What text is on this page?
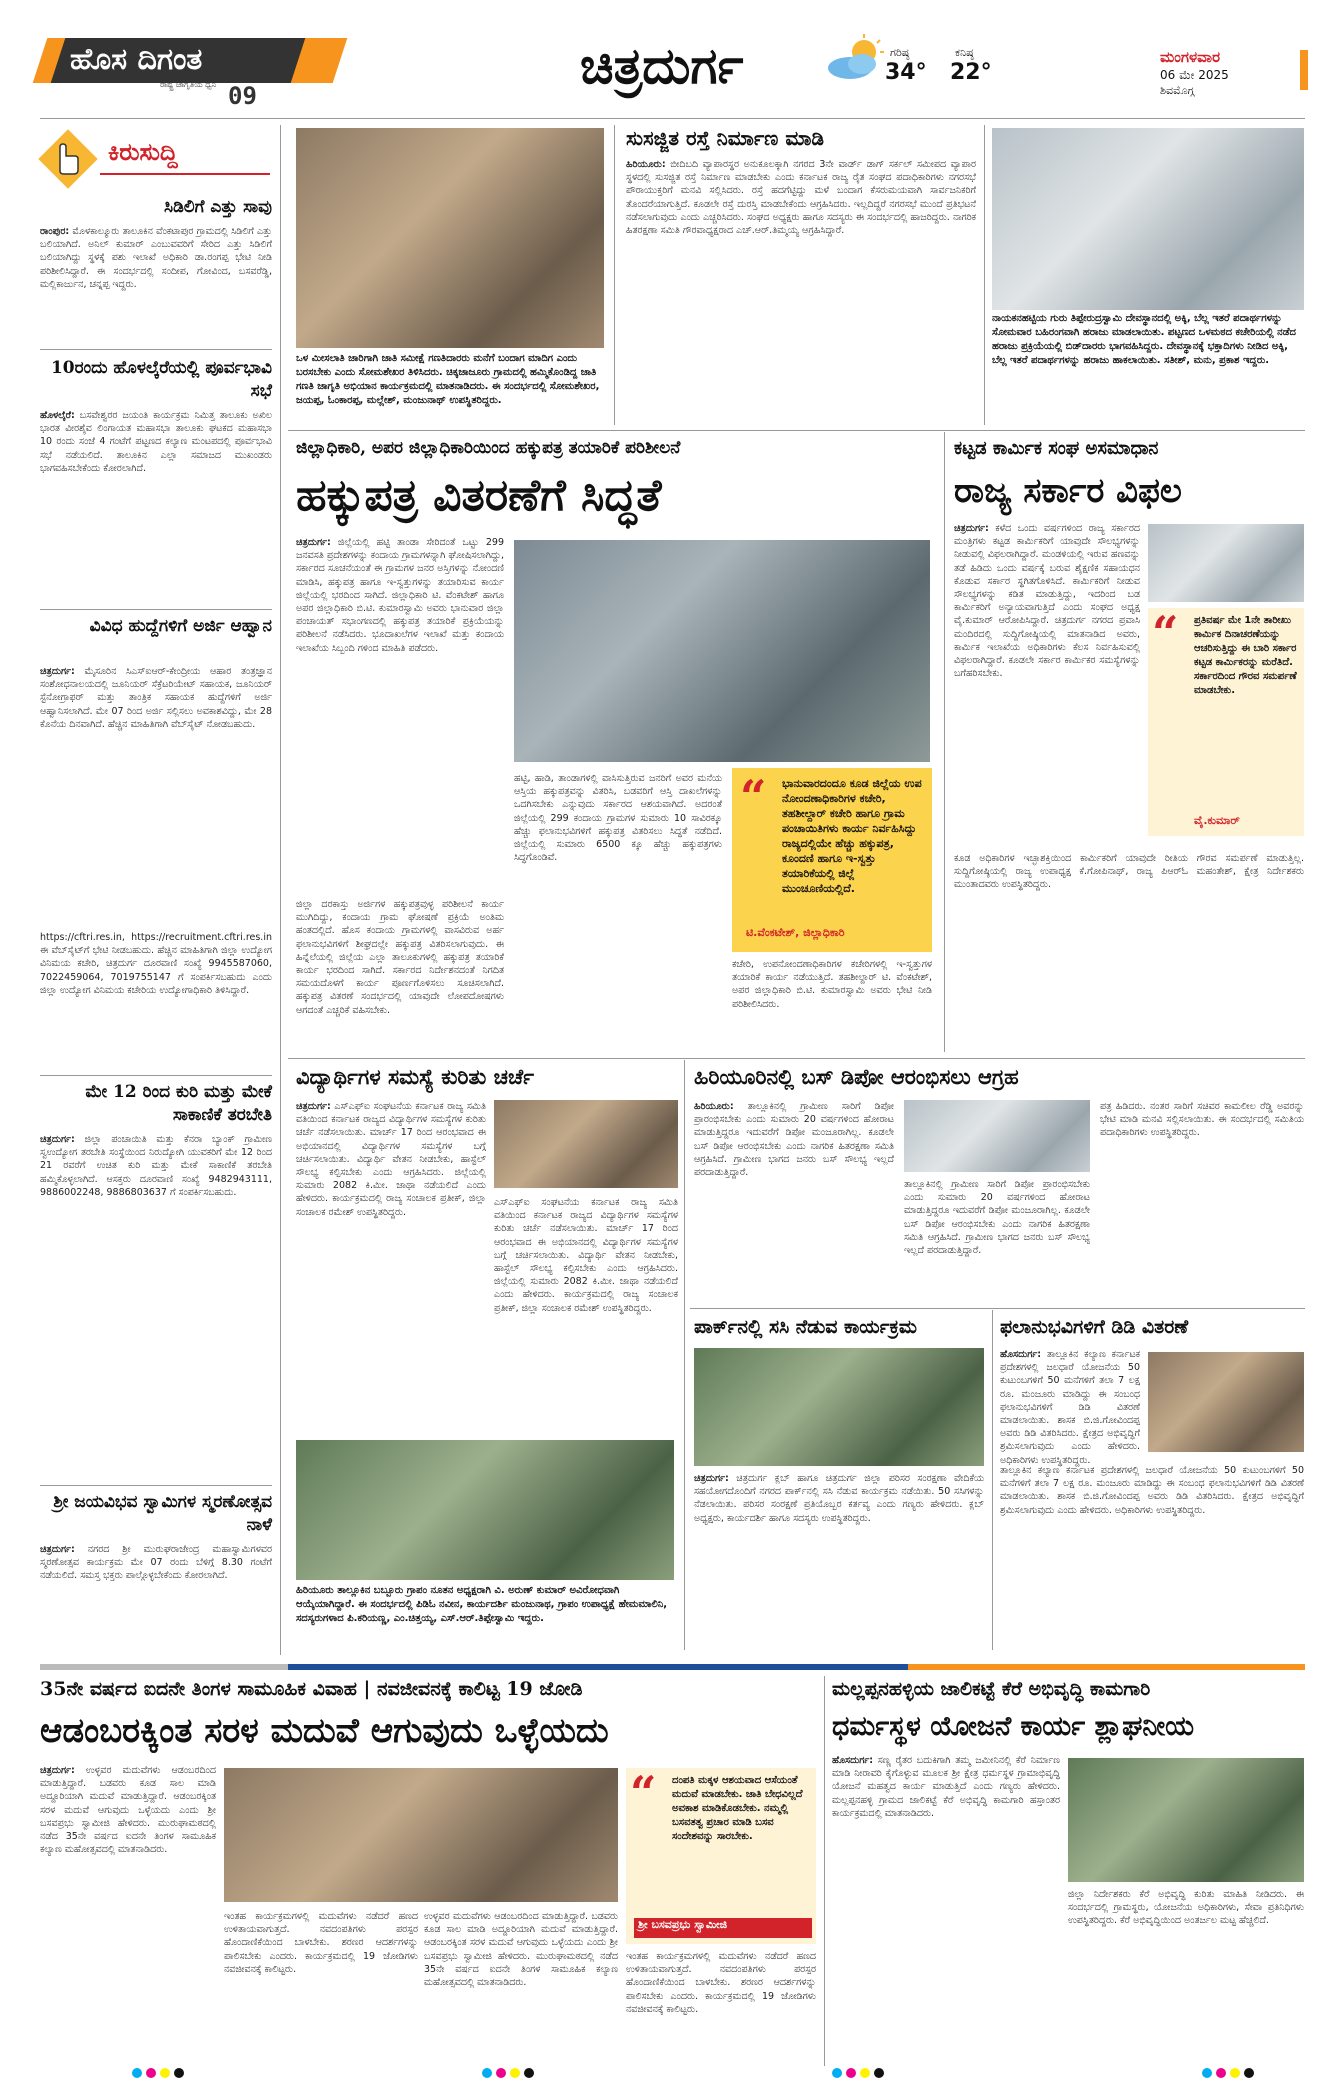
ಹೊಸ ದಿಗಂತ
ರಾಷ್ಟ್ರ ಜಾಗೃತಿಯ ಧ್ವನಿ 09
ಚಿತ್ರದುರ್ಗ	ಗರಿಷ್ಠ
34°
ಕನಿಷ್ಠ
22°
ಮಂಗಳವಾರ
06 ಮೇ 2025
ಶಿವಮೊಗ್ಗ
ಕಿರುಸುದ್ದಿ
ಸಿಡಿಲಿಗೆ ಎತ್ತು ಸಾವು
ರಾಂಪುರ: ಮೊಳಕಾಲ್ಮೂರು ತಾಲೂಕಿನ ವೆಂಕಟಾಪುರ ಗ್ರಾಮದಲ್ಲಿ ಸಿಡಿಲಿಗೆ ಎತ್ತು ಬಲಿಯಾಗಿದೆ. ಅನಿಲ್ ಕುಮಾರ್ ಎಂಬುವವರಿಗೆ ಸೇರಿದ ಎತ್ತು ಸಿಡಿಲಿಗೆ ಬಲಿಯಾಗಿದ್ದು ಸ್ಥಳಕ್ಕೆ ಪಶು ಇಲಾಖೆ ಅಧಿಕಾರಿ ಡಾ.ರಂಗಪ್ಪ ಭೇಟಿ ನೀಡಿ ಪರಿಶೀಲಿಸಿದ್ದಾರೆ. ಈ ಸಂದರ್ಭದಲ್ಲಿ ಸಂದೀಪ, ಗೋವಿಂದ, ಬಸವರೆಡ್ಡಿ, ಮಲ್ಲಿಕಾರ್ಜುನ, ಚನ್ನಪ್ಪ ಇದ್ದರು.
10ರಂದು ಹೊಳಲ್ಕೆರೆಯಲ್ಲಿ ಪೂರ್ವಭಾವಿ ಸಭೆ
ಹೊಳಲ್ಕೆರೆ: ಬಸವೇಶ್ವರರ ಜಯಂತಿ ಕಾರ್ಯಕ್ರಮ ನಿಮಿತ್ತ ತಾಲೂಕು ಅಖಿಲ ಭಾರತ ವೀರಶೈವ ಲಿಂಗಾಯತ ಮಹಾಸಭಾ ತಾಲೂಕು ಘಟಕದ ಮಹಾಸಭಾ 10 ರಂದು ಸಂಜೆ 4 ಗಂಟೆಗೆ ಪಟ್ಟಣದ ಕಲ್ಯಾಣ ಮಂಟಪದಲ್ಲಿ ಪೂರ್ವಭಾವಿ ಸಭೆ ನಡೆಯಲಿದೆ. ತಾಲೂಕಿನ ಎಲ್ಲಾ ಸಮಾಜದ ಮುಖಂಡರು ಭಾಗವಹಿಸಬೇಕೆಂದು ಕೋರಲಾಗಿದೆ.
ವಿವಿಧ ಹುದ್ದೆಗಳಿಗೆ ಅರ್ಜಿ ಆಹ್ವಾನ
ಚಿತ್ರದುರ್ಗ: ಮೈಸೂರಿನ ಸಿಎಸ್‌ಐಆರ್-ಕೇಂದ್ರೀಯ ಆಹಾರ ತಂತ್ರಜ್ಞಾನ ಸಂಶೋಧನಾಲಯದಲ್ಲಿ ಜೂನಿಯರ್ ಸೆಕ್ರೆಟರಿಯೇಟ್ ಸಹಾಯಕ, ಜೂನಿಯರ್ ಸ್ಟೆನೋಗ್ರಾಫರ್ ಮತ್ತು ತಾಂತ್ರಿಕ ಸಹಾಯಕ ಹುದ್ದೆಗಳಿಗೆ ಅರ್ಜಿ ಆಹ್ವಾನಿಸಲಾಗಿದೆ. ಮೇ 07 ರಿಂದ ಅರ್ಜಿ ಸಲ್ಲಿಸಲು ಅವಕಾಶವಿದ್ದು, ಮೇ 28 ಕೊನೆಯ ದಿನವಾಗಿದೆ. ಹೆಚ್ಚಿನ ಮಾಹಿತಿಗಾಗಿ ವೆಬ್‌ಸೈಟ್ ನೋಡಬಹುದು.
https://cftri.res.in, https://recruitment.cftri.res.in ಈ ವೆಬ್‌ಸೈಟ್‌ಗೆ ಭೇಟಿ ನೀಡಬಹುದು. ಹೆಚ್ಚಿನ ಮಾಹಿತಿಗಾಗಿ ಜಿಲ್ಲಾ ಉದ್ಯೋಗ ವಿನಿಮಯ ಕಚೇರಿ, ಚಿತ್ರದುರ್ಗ ದೂರವಾಣಿ ಸಂಖ್ಯೆ 9945587060, 7022459064, 7019755147 ಗೆ ಸಂಪರ್ಕಿಸಬಹುದು ಎಂದು ಜಿಲ್ಲಾ ಉದ್ಯೋಗ ವಿನಿಮಯ ಕಚೇರಿಯ ಉದ್ಯೋಗಾಧಿಕಾರಿ ತಿಳಿಸಿದ್ದಾರೆ.
ಮೇ 12 ರಿಂದ ಕುರಿ ಮತ್ತು ಮೇಕೆ ಸಾಕಾಣಿಕೆ ತರಬೇತಿ
ಚಿತ್ರದುರ್ಗ: ಜಿಲ್ಲಾ ಪಂಚಾಯಿತಿ ಮತ್ತು ಕೆನರಾ ಬ್ಯಾಂಕ್ ಗ್ರಾಮೀಣ ಸ್ವಉದ್ಯೋಗ ತರಬೇತಿ ಸಂಸ್ಥೆಯಿಂದ ನಿರುದ್ಯೋಗಿ ಯುವಕರಿಗೆ ಮೇ 12 ರಿಂದ 21 ರವರೆಗೆ ಉಚಿತ ಕುರಿ ಮತ್ತು ಮೇಕೆ ಸಾಕಾಣಿಕೆ ತರಬೇತಿ ಹಮ್ಮಿಕೊಳ್ಳಲಾಗಿದೆ. ಆಸಕ್ತರು ದೂರವಾಣಿ ಸಂಖ್ಯೆ 9482943111, 9886002248, 9886803637 ಗೆ ಸಂಪರ್ಕಿಸಬಹುದು.
ಶ್ರೀ ಜಯವಿಭವ ಸ್ವಾಮಿಗಳ ಸ್ಮರಣೋತ್ಸವ ನಾಳೆ
ಚಿತ್ರದುರ್ಗ: ನಗರದ ಶ್ರೀ ಮುರುಘರಾಜೇಂದ್ರ ಮಹಾಸ್ವಾಮಿಗಳವರ ಸ್ಮರಣೋತ್ಸವ ಕಾರ್ಯಕ್ರಮ ಮೇ 07 ರಂದು ಬೆಳಿಗ್ಗೆ 8.30 ಗಂಟೆಗೆ ನಡೆಯಲಿದೆ. ಸಮಸ್ತ ಭಕ್ತರು ಪಾಲ್ಗೊಳ್ಳಬೇಕೆಂದು ಕೋರಲಾಗಿದೆ.
ಒಳ ಮೀಸಲಾತಿ ಜಾರಿಗಾಗಿ ಜಾತಿ ಸಮೀಕ್ಷೆ ಗಣತಿದಾರರು ಮನೆಗೆ ಬಂದಾಗ ಮಾದಿಗ ಎಂದು ಬರಸಬೇಕು ಎಂದು ಸೋಮಶೇಖರ ತಿಳಿಸಿದರು. ಚಿಕ್ಕಜಾಜೂರು ಗ್ರಾಮದಲ್ಲಿ ಹಮ್ಮಿಕೊಂಡಿದ್ದ ಜಾತಿ ಗಣತಿ ಜಾಗೃತಿ ಅಭಿಯಾನ ಕಾರ್ಯಕ್ರಮದಲ್ಲಿ ಮಾತನಾಡಿದರು. ಈ ಸಂದರ್ಭದಲ್ಲಿ ಸೋಮಶೇಖರ, ಜಯಪ್ಪ, ಓಂಕಾರಪ್ಪ, ಮಲ್ಲೇಶ್, ಮಂಜುನಾಥ್ ಉಪಸ್ಥಿತರಿದ್ದರು.
ಸುಸಜ್ಜಿತ ರಸ್ತೆ ನಿರ್ಮಾಣ ಮಾಡಿ
ಹಿರಿಯೂರು: ಬೀದಿಬದಿ ವ್ಯಾಪಾರಸ್ಥರ ಅನುಕೂಲಕ್ಕಾಗಿ ನಗರದ 3ನೇ ವಾರ್ಡ್ ಡಾಗ್ ಸರ್ಕಲ್ ಸಮೀಪದ ವ್ಯಾಪಾರ ಸ್ಥಳದಲ್ಲಿ ಸುಸಜ್ಜಿತ ರಸ್ತೆ ನಿರ್ಮಾಣ ಮಾಡಬೇಕು ಎಂದು ಕರ್ನಾಟಕ ರಾಜ್ಯ ರೈತ ಸಂಘದ ಪದಾಧಿಕಾರಿಗಳು ನಗರಸಭೆ ಪೌರಾಯುಕ್ತರಿಗೆ ಮನವಿ ಸಲ್ಲಿಸಿದರು. ರಸ್ತೆ ಹದಗೆಟ್ಟಿದ್ದು ಮಳೆ ಬಂದಾಗ ಕೆಸರುಮಯವಾಗಿ ಸಾರ್ವಜನಿಕರಿಗೆ ತೊಂದರೆಯಾಗುತ್ತಿದೆ. ಕೂಡಲೇ ರಸ್ತೆ ದುರಸ್ತಿ ಮಾಡಬೇಕೆಂದು ಆಗ್ರಹಿಸಿದರು. ಇಲ್ಲದಿದ್ದರೆ ನಗರಸಭೆ ಮುಂದೆ ಪ್ರತಿಭಟನೆ ನಡೆಸಲಾಗುವುದು ಎಂದು ಎಚ್ಚರಿಸಿದರು. ಸಂಘದ ಅಧ್ಯಕ್ಷರು ಹಾಗೂ ಸದಸ್ಯರು ಈ ಸಂದರ್ಭದಲ್ಲಿ ಹಾಜರಿದ್ದರು. ನಾಗರಿಕ ಹಿತರಕ್ಷಣಾ ಸಮಿತಿ ಗೌರವಾಧ್ಯಕ್ಷರಾದ ಎಚ್.ಆರ್.ತಿಮ್ಮಯ್ಯ ಆಗ್ರಹಿಸಿದ್ದಾರೆ.
ನಾಯಕನಹಟ್ಟಿಯ ಗುರು ತಿಪ್ಪೇರುದ್ರಸ್ವಾಮಿ ದೇವಸ್ಥಾನದಲ್ಲಿ ಅಕ್ಕಿ, ಬೆಲ್ಲ ಇತರೆ ಪದಾರ್ಥಗಳನ್ನು ಸೋಮವಾರ ಬಹಿರಂಗವಾಗಿ ಹರಾಜು ಮಾಡಲಾಯಿತು. ಪಟ್ಟಣದ ಒಳಮಠದ ಕಚೇರಿಯಲ್ಲಿ ನಡೆದ ಹರಾಜು ಪ್ರಕ್ರಿಯೆಯಲ್ಲಿ ಬಿಡ್‌ದಾರರು ಭಾಗವಹಿಸಿದ್ದರು. ದೇವಸ್ಥಾನಕ್ಕೆ ಭಕ್ತಾದಿಗಳು ನೀಡಿದ ಅಕ್ಕಿ, ಬೆಲ್ಲ ಇತರೆ ಪದಾರ್ಥಗಳನ್ನು ಹರಾಜು ಹಾಕಲಾಯಿತು. ಸತೀಶ್, ಮನು, ಪ್ರಕಾಶ ಇದ್ದರು.
ಜಿಲ್ಲಾಧಿಕಾರಿ, ಅಪರ ಜಿಲ್ಲಾಧಿಕಾರಿಯಿಂದ ಹಕ್ಕುಪತ್ರ ತಯಾರಿಕೆ ಪರಿಶೀಲನೆ
ಹಕ್ಕುಪತ್ರ ವಿತರಣೆಗೆ ಸಿದ್ಧತೆ
ಚಿತ್ರದುರ್ಗ: ಜಿಲ್ಲೆಯಲ್ಲಿ ಹಟ್ಟಿ ತಾಂಡಾ ಸೇರಿದಂತೆ ಒಟ್ಟು 299 ಜನವಸತಿ ಪ್ರದೇಶಗಳನ್ನು ಕಂದಾಯ ಗ್ರಾಮಗಳನ್ನಾಗಿ ಘೋಷಿಸಲಾಗಿದ್ದು, ಸರ್ಕಾರದ ಸೂಚನೆಯಂತೆ ಈ ಗ್ರಾಮಗಳ ಜನರ ಅಸ್ತಿಗಳನ್ನು ನೋಂದಣಿ ಮಾಡಿಸಿ, ಹಕ್ಕುಪತ್ರ ಹಾಗೂ ಇ-ಸ್ವತ್ತುಗಳನ್ನು ತಯಾರಿಸುವ ಕಾರ್ಯ ಜಿಲ್ಲೆಯಲ್ಲಿ ಭರದಿಂದ ಸಾಗಿದೆ. ಜಿಲ್ಲಾಧಿಕಾರಿ ಟಿ. ವೆಂಕಟೇಶ್ ಹಾಗೂ ಅಪರ ಜಿಲ್ಲಾಧಿಕಾರಿ ಬಿ.ಟಿ. ಕುಮಾರಸ್ವಾಮಿ ಅವರು ಭಾನುವಾರ ಜಿಲ್ಲಾ ಪಂಚಾಯತ್ ಸಭಾಂಗಣದಲ್ಲಿ ಹಕ್ಕುಪತ್ರ ತಯಾರಿಕೆ ಪ್ರಕ್ರಿಯೆಯನ್ನು ಪರಿಶೀಲನೆ ನಡೆಸಿದರು. ಭೂದಾಖಲೆಗಳ ಇಲಾಖೆ ಮತ್ತು ಕಂದಾಯ ಇಲಾಖೆಯ ಸಿಬ್ಬಂದಿ ಗಳಿಂದ ಮಾಹಿತಿ ಪಡೆದರು.
ಜಿಲ್ಲಾ ದರಕಾಸ್ತು ಅರ್ಜಿಗಳ ಹಕ್ಕುಪತ್ರವುಳ್ಳ ಪರಿಶೀಲನೆ ಕಾರ್ಯ ಮುಗಿದಿದ್ದು, ಕಂದಾಯ ಗ್ರಾಮ ಘೋಷಣೆ ಪ್ರಕ್ರಿಯೆ ಅಂತಿಮ ಹಂತದಲ್ಲಿದೆ. ಹೊಸ ಕಂದಾಯ ಗ್ರಾಮಗಳಲ್ಲಿ ವಾಸವಿರುವ ಅರ್ಹ ಫಲಾನುಭವಿಗಳಿಗೆ ಶೀಘ್ರದಲ್ಲೇ ಹಕ್ಕುಪತ್ರ ವಿತರಿಸಲಾಗುವುದು. ಈ ಹಿನ್ನೆಲೆಯಲ್ಲಿ ಜಿಲ್ಲೆಯ ಎಲ್ಲಾ ತಾಲೂಕುಗಳಲ್ಲಿ ಹಕ್ಕುಪತ್ರ ತಯಾರಿಕೆ ಕಾರ್ಯ ಭರದಿಂದ ಸಾಗಿದೆ. ಸರ್ಕಾರದ ನಿರ್ದೇಶನದಂತೆ ನಿಗದಿತ ಸಮಯದೊಳಗೆ ಕಾರ್ಯ ಪೂರ್ಣಗೊಳಿಸಲು ಸೂಚಿಸಲಾಗಿದೆ. ಹಕ್ಕುಪತ್ರ ವಿತರಣೆ ಸಂದರ್ಭದಲ್ಲಿ ಯಾವುದೇ ಲೋಪದೋಷಗಳು ಆಗದಂತೆ ಎಚ್ಚರಿಕೆ ವಹಿಸಬೇಕು.
ಹಟ್ಟಿ, ಹಾಡಿ, ತಾಂಡಾಗಳಲ್ಲಿ ವಾಸಿಸುತ್ತಿರುವ ಜನರಿಗೆ ಅವರ ಮನೆಯ ಆಸ್ತಿಯ ಹಕ್ಕುಪತ್ರವನ್ನು ವಿತರಿಸಿ, ಬಡವರಿಗೆ ಆಸ್ತಿ ದಾಖಲೆಗಳನ್ನು ಒದಗಿಸಬೇಕು ಎನ್ನುವುದು ಸರ್ಕಾರದ ಆಶಯವಾಗಿದೆ. ಅದರಂತೆ ಜಿಲ್ಲೆಯಲ್ಲಿ 299 ಕಂದಾಯ ಗ್ರಾಮಗಳ ಸುಮಾರು 10 ಸಾವಿರಕ್ಕೂ ಹೆಚ್ಚು ಫಲಾನುಭವಿಗಳಿಗೆ ಹಕ್ಕುಪತ್ರ ವಿತರಿಸಲು ಸಿದ್ಧತೆ ನಡೆದಿದೆ. ಜಿಲ್ಲೆಯಲ್ಲಿ ಸುಮಾರು 6500 ಕ್ಕೂ ಹೆಚ್ಚು ಹಕ್ಕುಪತ್ರಗಳು ಸಿದ್ಧಗೊಂಡಿವೆ.
“	ಭಾನುವಾರದಂದೂ ಕೂಡ ಜಿಲ್ಲೆಯ ಉಪ ನೋಂದಣಾಧಿಕಾರಿಗಳ ಕಚೇರಿ, ತಹಶೀಲ್ದಾರ್ ಕಚೇರಿ ಹಾಗೂ ಗ್ರಾಮ ಪಂಚಾಯಿತಿಗಳು ಕಾರ್ಯ ನಿರ್ವಹಿಸಿದ್ದು ರಾಜ್ಯದಲ್ಲಿಯೇ ಹೆಚ್ಚು ಹಕ್ಕುಪತ್ರ, ಕೂಂದಣಿ ಹಾಗೂ ಇ-ಸ್ವತ್ತು ತಯಾರಿಕೆಯಲ್ಲಿ ಜಿಲ್ಲೆ ಮುಂಚೂಣಿಯಲ್ಲಿದೆ.
ಟಿ.ವೆಂಕಟೇಶ್, ಜಿಲ್ಲಾಧಿಕಾರಿ
ಕಚೇರಿ, ಉಪನೋಂದಣಾಧಿಕಾರಿಗಳ ಕಚೇರಿಗಳಲ್ಲಿ ಇ-ಸ್ವತ್ತುಗಳ ತಯಾರಿಕೆ ಕಾರ್ಯ ನಡೆಯುತ್ತಿದೆ. ತಹಶೀಲ್ದಾರ್ ಟಿ. ವೆಂಕಟೇಶ್, ಅಪರ ಜಿಲ್ಲಾಧಿಕಾರಿ ಬಿ.ಟಿ. ಕುಮಾರಸ್ವಾಮಿ ಅವರು ಭೇಟಿ ನೀಡಿ ಪರಿಶೀಲಿಸಿದರು.
ಕಟ್ಟಡ ಕಾರ್ಮಿಕ ಸಂಘ ಅಸಮಾಧಾನ
ರಾಜ್ಯ ಸರ್ಕಾರ ವಿಫಲ
ಚಿತ್ರದುರ್ಗ: ಕಳೆದ ಒಂದು ವರ್ಷಗಳಿಂದ ರಾಜ್ಯ ಸರ್ಕಾರದ ಮಂತ್ರಿಗಳು ಕಟ್ಟಡ ಕಾರ್ಮಿಕರಿಗೆ ಯಾವುದೇ ಸೌಲಭ್ಯಗಳನ್ನು ನೀಡುವಲ್ಲಿ ವಿಫಲರಾಗಿದ್ದಾರೆ. ಮಂಡಳಿಯಲ್ಲಿ ಇರುವ ಹಣವನ್ನು ತಡೆ ಹಿಡಿದು ಒಂದು ವರ್ಷಕ್ಕೆ ಬರುವ ಶೈಕ್ಷಣಿಕ ಸಹಾಯಧನ ಕೊಡುವ ಸರ್ಕಾರ ಸ್ಥಗಿತಗೊಳಿಸಿದೆ. ಕಾರ್ಮಿಕರಿಗೆ ನೀಡುವ ಸೌಲಭ್ಯಗಳನ್ನು ಕಡಿತ ಮಾಡುತ್ತಿದ್ದು, ಇದರಿಂದ ಬಡ ಕಾರ್ಮಿಕರಿಗೆ ಅನ್ಯಾಯವಾಗುತ್ತಿದೆ ಎಂದು ಸಂಘದ ಅಧ್ಯಕ್ಷ ವೈ.ಕುಮಾರ್ ಆರೋಪಿಸಿದ್ದಾರೆ. ಚಿತ್ರದುರ್ಗ ನಗರದ ಪ್ರವಾಸಿ ಮಂದಿರದಲ್ಲಿ ಸುದ್ದಿಗೋಷ್ಠಿಯಲ್ಲಿ ಮಾತನಾಡಿದ ಅವರು, ಕಾರ್ಮಿಕ ಇಲಾಖೆಯ ಅಧಿಕಾರಿಗಳು ಕೆಲಸ ನಿರ್ವಹಿಸುವಲ್ಲಿ ವಿಫಲರಾಗಿದ್ದಾರೆ. ಕೂಡಲೇ ಸರ್ಕಾರ ಕಾರ್ಮಿಕರ ಸಮಸ್ಯೆಗಳನ್ನು ಬಗೆಹರಿಸಬೇಕು.
“	ಪ್ರತಿವರ್ಷ ಮೇ 1ನೇ ತಾರೀಖು ಕಾರ್ಮಿಕ ದಿನಾಚರಣೆಯನ್ನು ಆಚರಿಸುತ್ತಿದ್ದು ಈ ಬಾರಿ ಸರ್ಕಾರ ಕಟ್ಟಡ ಕಾರ್ಮಿಕರನ್ನು ಮರೆತಿದೆ. ಸರ್ಕಾರದಿಂದ ಗೌರವ ಸಮರ್ಪಣೆ ಮಾಡಬೇಕು.
ವೈ.ಕುಮಾರ್
ಕೂಡ ಅಧಿಕಾರಿಗಳ ಇಚ್ಛಾಶಕ್ತಿಯಿಂದ ಕಾರ್ಮಿಕರಿಗೆ ಯಾವುದೇ ರೀತಿಯ ಗೌರವ ಸಮರ್ಪಣೆ ಮಾಡುತ್ತಿಲ್ಲ. ಸುದ್ದಿಗೋಷ್ಠಿಯಲ್ಲಿ ರಾಜ್ಯ ಉಪಾಧ್ಯಕ್ಷ ಕೆ.ಗೋಪಿನಾಥ್, ರಾಜ್ಯ ಪಿಆರ್‌ಓ ಮಹಂತೇಶ್, ಕ್ಷೇತ್ರ ನಿರ್ದೇಶಕರು ಮುಂತಾದವರು ಉಪಸ್ಥಿತರಿದ್ದರು.
ವಿದ್ಯಾರ್ಥಿಗಳ ಸಮಸ್ಯೆ ಕುರಿತು ಚರ್ಚೆ
ಚಿತ್ರದುರ್ಗ: ಎಸ್‌ಎಫ್‌ಐ ಸಂಘಟನೆಯ ಕರ್ನಾಟಕ ರಾಜ್ಯ ಸಮಿತಿ ವತಿಯಿಂದ ಕರ್ನಾಟಕ ರಾಜ್ಯದ ವಿದ್ಯಾರ್ಥಿಗಳ ಸಮಸ್ಯೆಗಳ ಕುರಿತು ಚರ್ಚೆ ನಡೆಸಲಾಯಿತು. ಮಾರ್ಚ್ 17 ರಿಂದ ಆರಂಭವಾದ ಈ ಅಭಿಯಾನದಲ್ಲಿ ವಿದ್ಯಾರ್ಥಿಗಳ ಸಮಸ್ಯೆಗಳ ಬಗ್ಗೆ ಚರ್ಚಿಸಲಾಯಿತು. ವಿದ್ಯಾರ್ಥಿ ವೇತನ ನೀಡಬೇಕು, ಹಾಸ್ಟೆಲ್ ಸೌಲಭ್ಯ ಕಲ್ಪಿಸಬೇಕು ಎಂದು ಆಗ್ರಹಿಸಿದರು. ಜಿಲ್ಲೆಯಲ್ಲಿ ಸುಮಾರು 2082 ಕಿ.ಮೀ. ಜಾಥಾ ನಡೆಯಲಿದೆ ಎಂದು ಹೇಳಿದರು. ಕಾರ್ಯಕ್ರಮದಲ್ಲಿ ರಾಜ್ಯ ಸಂಚಾಲಕ ಪ್ರತೀಕ್, ಜಿಲ್ಲಾ ಸಂಚಾಲಕ ರಮೇಶ್ ಉಪಸ್ಥಿತರಿದ್ದರು.
ಎಸ್‌ಎಫ್‌ಐ ಸಂಘಟನೆಯ ಕರ್ನಾಟಕ ರಾಜ್ಯ ಸಮಿತಿ ವತಿಯಿಂದ ಕರ್ನಾಟಕ ರಾಜ್ಯದ ವಿದ್ಯಾರ್ಥಿಗಳ ಸಮಸ್ಯೆಗಳ ಕುರಿತು ಚರ್ಚೆ ನಡೆಸಲಾಯಿತು. ಮಾರ್ಚ್ 17 ರಿಂದ ಆರಂಭವಾದ ಈ ಅಭಿಯಾನದಲ್ಲಿ ವಿದ್ಯಾರ್ಥಿಗಳ ಸಮಸ್ಯೆಗಳ ಬಗ್ಗೆ ಚರ್ಚಿಸಲಾಯಿತು. ವಿದ್ಯಾರ್ಥಿ ವೇತನ ನೀಡಬೇಕು, ಹಾಸ್ಟೆಲ್ ಸೌಲಭ್ಯ ಕಲ್ಪಿಸಬೇಕು ಎಂದು ಆಗ್ರಹಿಸಿದರು. ಜಿಲ್ಲೆಯಲ್ಲಿ ಸುಮಾರು 2082 ಕಿ.ಮೀ. ಜಾಥಾ ನಡೆಯಲಿದೆ ಎಂದು ಹೇಳಿದರು. ಕಾರ್ಯಕ್ರಮದಲ್ಲಿ ರಾಜ್ಯ ಸಂಚಾಲಕ ಪ್ರತೀಕ್, ಜಿಲ್ಲಾ ಸಂಚಾಲಕ ರಮೇಶ್ ಉಪಸ್ಥಿತರಿದ್ದರು.
ಹಿರಿಯೂರು ತಾಲ್ಲೂಕಿನ ಬಬ್ಬೂರು ಗ್ರಾಪಂ ನೂತನ ಅಧ್ಯಕ್ಷರಾಗಿ ವಿ. ಅರುಣ್ ಕುಮಾರ್ ಅವಿರೋಧವಾಗಿ ಆಯ್ಕೆಯಾಗಿದ್ದಾರೆ. ಈ ಸಂದರ್ಭದಲ್ಲಿ ಪಿಡಿಓ ನವೀನ, ಕಾರ್ಯದರ್ಶಿ ಮಂಜುನಾಥ, ಗ್ರಾಪಂ ಉಪಾಧ್ಯಕ್ಷೆ ಹೇಮಮಾಲಿನಿ, ಸದಸ್ಯರುಗಳಾದ ಪಿ.ಕರಿಯಣ್ಣ, ಎಂ.ಚಿತ್ತಯ್ಯ, ಎಸ್.ಆರ್.ತಿಪ್ಪೇಸ್ವಾಮಿ ಇದ್ದರು.
ಹಿರಿಯೂರಿನಲ್ಲಿ ಬಸ್ ಡಿಪೋ ಆರಂಭಿಸಲು ಆಗ್ರಹ
ಹಿರಿಯೂರು: ತಾಲ್ಲೂಕಿನಲ್ಲಿ ಗ್ರಾಮೀಣ ಸಾರಿಗೆ ಡಿಪೋ ಪ್ರಾರಂಭಿಸಬೇಕು ಎಂದು ಸುಮಾರು 20 ವರ್ಷಗಳಿಂದ ಹೋರಾಟ ಮಾಡುತ್ತಿದ್ದರೂ ಇದುವರೆಗೆ ಡಿಪೋ ಮಂಜೂರಾಗಿಲ್ಲ. ಕೂಡಲೇ ಬಸ್ ಡಿಪೋ ಆರಂಭಿಸಬೇಕು ಎಂದು ನಾಗರಿಕ ಹಿತರಕ್ಷಣಾ ಸಮಿತಿ ಆಗ್ರಹಿಸಿದೆ. ಗ್ರಾಮೀಣ ಭಾಗದ ಜನರು ಬಸ್ ಸೌಲಭ್ಯ ಇಲ್ಲದೆ ಪರದಾಡುತ್ತಿದ್ದಾರೆ.
ತಾಲ್ಲೂಕಿನಲ್ಲಿ ಗ್ರಾಮೀಣ ಸಾರಿಗೆ ಡಿಪೋ ಪ್ರಾರಂಭಿಸಬೇಕು ಎಂದು ಸುಮಾರು 20 ವರ್ಷಗಳಿಂದ ಹೋರಾಟ ಮಾಡುತ್ತಿದ್ದರೂ ಇದುವರೆಗೆ ಡಿಪೋ ಮಂಜೂರಾಗಿಲ್ಲ. ಕೂಡಲೇ ಬಸ್ ಡಿಪೋ ಆರಂಭಿಸಬೇಕು ಎಂದು ನಾಗರಿಕ ಹಿತರಕ್ಷಣಾ ಸಮಿತಿ ಆಗ್ರಹಿಸಿದೆ. ಗ್ರಾಮೀಣ ಭಾಗದ ಜನರು ಬಸ್ ಸೌಲಭ್ಯ ಇಲ್ಲದೆ ಪರದಾಡುತ್ತಿದ್ದಾರೆ.
ಪತ್ರ ಹಿಡಿದರು. ನಂತರ ಸಾರಿಗೆ ಸಚಿವರ ಕಾಮಲೀಲ ರೆಡ್ಡಿ ಅವರನ್ನು ಭೇಟಿ ಮಾಡಿ ಮನವಿ ಸಲ್ಲಿಸಲಾಯಿತು. ಈ ಸಂದರ್ಭದಲ್ಲಿ ಸಮಿತಿಯ ಪದಾಧಿಕಾರಿಗಳು ಉಪಸ್ಥಿತರಿದ್ದರು.
ಪಾರ್ಕ್‌ನಲ್ಲಿ ಸಸಿ ನೆಡುವ ಕಾರ್ಯಕ್ರಮ
ಚಿತ್ರದುರ್ಗ: ಚಿತ್ರದುರ್ಗ ಕ್ಲಬ್ ಹಾಗೂ ಚಿತ್ರದುರ್ಗ ಜಿಲ್ಲಾ ಪರಿಸರ ಸಂರಕ್ಷಣಾ ವೇದಿಕೆಯ ಸಹಯೋಗದೊಂದಿಗೆ ನಗರದ ಪಾರ್ಕ್‌ನಲ್ಲಿ ಸಸಿ ನೆಡುವ ಕಾರ್ಯಕ್ರಮ ನಡೆಯಿತು. 50 ಸಸಿಗಳನ್ನು ನೆಡಲಾಯಿತು. ಪರಿಸರ ಸಂರಕ್ಷಣೆ ಪ್ರತಿಯೊಬ್ಬರ ಕರ್ತವ್ಯ ಎಂದು ಗಣ್ಯರು ಹೇಳಿದರು. ಕ್ಲಬ್ ಅಧ್ಯಕ್ಷರು, ಕಾರ್ಯದರ್ಶಿ ಹಾಗೂ ಸದಸ್ಯರು ಉಪಸ್ಥಿತರಿದ್ದರು.
ಫಲಾನುಭವಿಗಳಿಗೆ ಡಿಡಿ ವಿತರಣೆ
ಹೊಸದುರ್ಗ: ತಾಲ್ಲೂಕಿನ ಕಲ್ಯಾಣ ಕರ್ನಾಟಕ ಪ್ರದೇಶಗಳಲ್ಲಿ ಜಲಧಾರೆ ಯೋಜನೆಯ 50 ಕುಟುಂಬಗಳಿಗೆ 50 ಮನೆಗಳಿಗೆ ತಲಾ 7 ಲಕ್ಷ ರೂ. ಮಂಜೂರು ಮಾಡಿದ್ದು ಈ ಸಂಬಂಧ ಫಲಾನುಭವಿಗಳಿಗೆ ಡಿಡಿ ವಿತರಣೆ ಮಾಡಲಾಯಿತು. ಶಾಸಕ ಬಿ.ಜಿ.ಗೋವಿಂದಪ್ಪ ಅವರು ಡಿಡಿ ವಿತರಿಸಿದರು. ಕ್ಷೇತ್ರದ ಅಭಿವೃದ್ಧಿಗೆ ಶ್ರಮಿಸಲಾಗುವುದು ಎಂದು ಹೇಳಿದರು. ಅಧಿಕಾರಿಗಳು ಉಪಸ್ಥಿತರಿದ್ದರು.
ತಾಲ್ಲೂಕಿನ ಕಲ್ಯಾಣ ಕರ್ನಾಟಕ ಪ್ರದೇಶಗಳಲ್ಲಿ ಜಲಧಾರೆ ಯೋಜನೆಯ 50 ಕುಟುಂಬಗಳಿಗೆ 50 ಮನೆಗಳಿಗೆ ತಲಾ 7 ಲಕ್ಷ ರೂ. ಮಂಜೂರು ಮಾಡಿದ್ದು ಈ ಸಂಬಂಧ ಫಲಾನುಭವಿಗಳಿಗೆ ಡಿಡಿ ವಿತರಣೆ ಮಾಡಲಾಯಿತು. ಶಾಸಕ ಬಿ.ಜಿ.ಗೋವಿಂದಪ್ಪ ಅವರು ಡಿಡಿ ವಿತರಿಸಿದರು. ಕ್ಷೇತ್ರದ ಅಭಿವೃದ್ಧಿಗೆ ಶ್ರಮಿಸಲಾಗುವುದು ಎಂದು ಹೇಳಿದರು. ಅಧಿಕಾರಿಗಳು ಉಪಸ್ಥಿತರಿದ್ದರು.
35ನೇ ವರ್ಷದ ಐದನೇ ತಿಂಗಳ ಸಾಮೂಹಿಕ ವಿವಾಹ | ನವಜೀವನಕ್ಕೆ ಕಾಲಿಟ್ಟ 19 ಜೋಡಿ
ಆಡಂಬರಕ್ಕಿಂತ ಸರಳ ಮದುವೆ ಆಗುವುದು ಒಳ್ಳೆಯದು
ಚಿತ್ರದುರ್ಗ: ಉಳ್ಳವರ ಮದುವೆಗಳು ಆಡಂಬರದಿಂದ ಮಾಡುತ್ತಿದ್ದಾರೆ. ಬಡವರು ಕೂಡ ಸಾಲ ಮಾಡಿ ಅದ್ದೂರಿಯಾಗಿ ಮದುವೆ ಮಾಡುತ್ತಿದ್ದಾರೆ. ಆಡಂಬರಕ್ಕಿಂತ ಸರಳ ಮದುವೆ ಆಗುವುದು ಒಳ್ಳೆಯದು ಎಂದು ಶ್ರೀ ಬಸವಪ್ರಭು ಸ್ವಾಮೀಜಿ ಹೇಳಿದರು. ಮುರುಘಾಮಠದಲ್ಲಿ ನಡೆದ 35ನೇ ವರ್ಷದ ಐದನೇ ತಿಂಗಳ ಸಾಮೂಹಿಕ ಕಲ್ಯಾಣ ಮಹೋತ್ಸವದಲ್ಲಿ ಮಾತನಾಡಿದರು.
ಇಂತಹ ಕಾರ್ಯಕ್ರಮಗಳಲ್ಲಿ ಮದುವೆಗಳು ನಡೆದರೆ ಹಣದ ಉಳಿತಾಯವಾಗುತ್ತದೆ. ನವದಂಪತಿಗಳು ಪರಸ್ಪರ ಹೊಂದಾಣಿಕೆಯಿಂದ ಬಾಳಬೇಕು. ಶರಣರ ಆದರ್ಶಗಳನ್ನು ಪಾಲಿಸಬೇಕು ಎಂದರು. ಕಾರ್ಯಕ್ರಮದಲ್ಲಿ 19 ಜೋಡಿಗಳು ನವಜೀವನಕ್ಕೆ ಕಾಲಿಟ್ಟರು.
ಉಳ್ಳವರ ಮದುವೆಗಳು ಆಡಂಬರದಿಂದ ಮಾಡುತ್ತಿದ್ದಾರೆ. ಬಡವರು ಕೂಡ ಸಾಲ ಮಾಡಿ ಅದ್ದೂರಿಯಾಗಿ ಮದುವೆ ಮಾಡುತ್ತಿದ್ದಾರೆ. ಆಡಂಬರಕ್ಕಿಂತ ಸರಳ ಮದುವೆ ಆಗುವುದು ಒಳ್ಳೆಯದು ಎಂದು ಶ್ರೀ ಬಸವಪ್ರಭು ಸ್ವಾಮೀಜಿ ಹೇಳಿದರು. ಮುರುಘಾಮಠದಲ್ಲಿ ನಡೆದ 35ನೇ ವರ್ಷದ ಐದನೇ ತಿಂಗಳ ಸಾಮೂಹಿಕ ಕಲ್ಯಾಣ ಮಹೋತ್ಸವದಲ್ಲಿ ಮಾತನಾಡಿದರು.
“	ದಂಪತಿ ಮಕ್ಕಳ ಆಶಯವಾದ ಆಸೆಯಂತೆ ಮದುವೆ ಮಾಡಬೇಕು. ಜಾತಿ ಬೇಧವಿಲ್ಲದೆ ಅವಕಾಶ ಮಾಡಿಕೊಡಬೇಕು. ನಮ್ಮಲ್ಲಿ ಬಸವತತ್ವ ಪ್ರಚಾರ ಮಾಡಿ ಬಸವ ಸಂದೇಶವನ್ನು ಸಾರಬೇಕು.
ಶ್ರೀ ಬಸವಪ್ರಭು ಸ್ವಾಮೀಜಿ
ಇಂತಹ ಕಾರ್ಯಕ್ರಮಗಳಲ್ಲಿ ಮದುವೆಗಳು ನಡೆದರೆ ಹಣದ ಉಳಿತಾಯವಾಗುತ್ತದೆ. ನವದಂಪತಿಗಳು ಪರಸ್ಪರ ಹೊಂದಾಣಿಕೆಯಿಂದ ಬಾಳಬೇಕು. ಶರಣರ ಆದರ್ಶಗಳನ್ನು ಪಾಲಿಸಬೇಕು ಎಂದರು. ಕಾರ್ಯಕ್ರಮದಲ್ಲಿ 19 ಜೋಡಿಗಳು ನವಜೀವನಕ್ಕೆ ಕಾಲಿಟ್ಟರು.
ಮಲ್ಲಪ್ಪನಹಳ್ಳಿಯ ಜಾಲಿಕಟ್ಟೆ ಕೆರೆ ಅಭಿವೃದ್ಧಿ ಕಾಮಗಾರಿ
ಧರ್ಮಸ್ಥಳ ಯೋಜನೆ ಕಾರ್ಯ ಶ್ಲಾಘನೀಯ
ಹೊಸದುರ್ಗ: ಸಣ್ಣ ರೈತರ ಬದುಕಿಗಾಗಿ ತಮ್ಮ ಜಮೀನಿನಲ್ಲಿ ಕೆರೆ ನಿರ್ಮಾಣ ಮಾಡಿ ನೀರಾವರಿ ಕೈಗೊಳ್ಳುವ ಮೂಲಕ ಶ್ರೀ ಕ್ಷೇತ್ರ ಧರ್ಮಸ್ಥಳ ಗ್ರಾಮಾಭಿವೃದ್ಧಿ ಯೋಜನೆ ಮಹತ್ವದ ಕಾರ್ಯ ಮಾಡುತ್ತಿದೆ ಎಂದು ಗಣ್ಯರು ಹೇಳಿದರು. ಮಲ್ಲಪ್ಪನಹಳ್ಳಿ ಗ್ರಾಮದ ಜಾಲಿಕಟ್ಟೆ ಕೆರೆ ಅಭಿವೃದ್ಧಿ ಕಾಮಗಾರಿ ಹಸ್ತಾಂತರ ಕಾರ್ಯಕ್ರಮದಲ್ಲಿ ಮಾತನಾಡಿದರು.
ಜಿಲ್ಲಾ ನಿರ್ದೇಶಕರು ಕೆರೆ ಅಭಿವೃದ್ಧಿ ಕುರಿತು ಮಾಹಿತಿ ನೀಡಿದರು. ಈ ಸಂದರ್ಭದಲ್ಲಿ ಗ್ರಾಮಸ್ಥರು, ಯೋಜನೆಯ ಅಧಿಕಾರಿಗಳು, ಸೇವಾ ಪ್ರತಿನಿಧಿಗಳು ಉಪಸ್ಥಿತರಿದ್ದರು. ಕೆರೆ ಅಭಿವೃದ್ಧಿಯಿಂದ ಅಂತರ್ಜಲ ಮಟ್ಟ ಹೆಚ್ಚಲಿದೆ.
